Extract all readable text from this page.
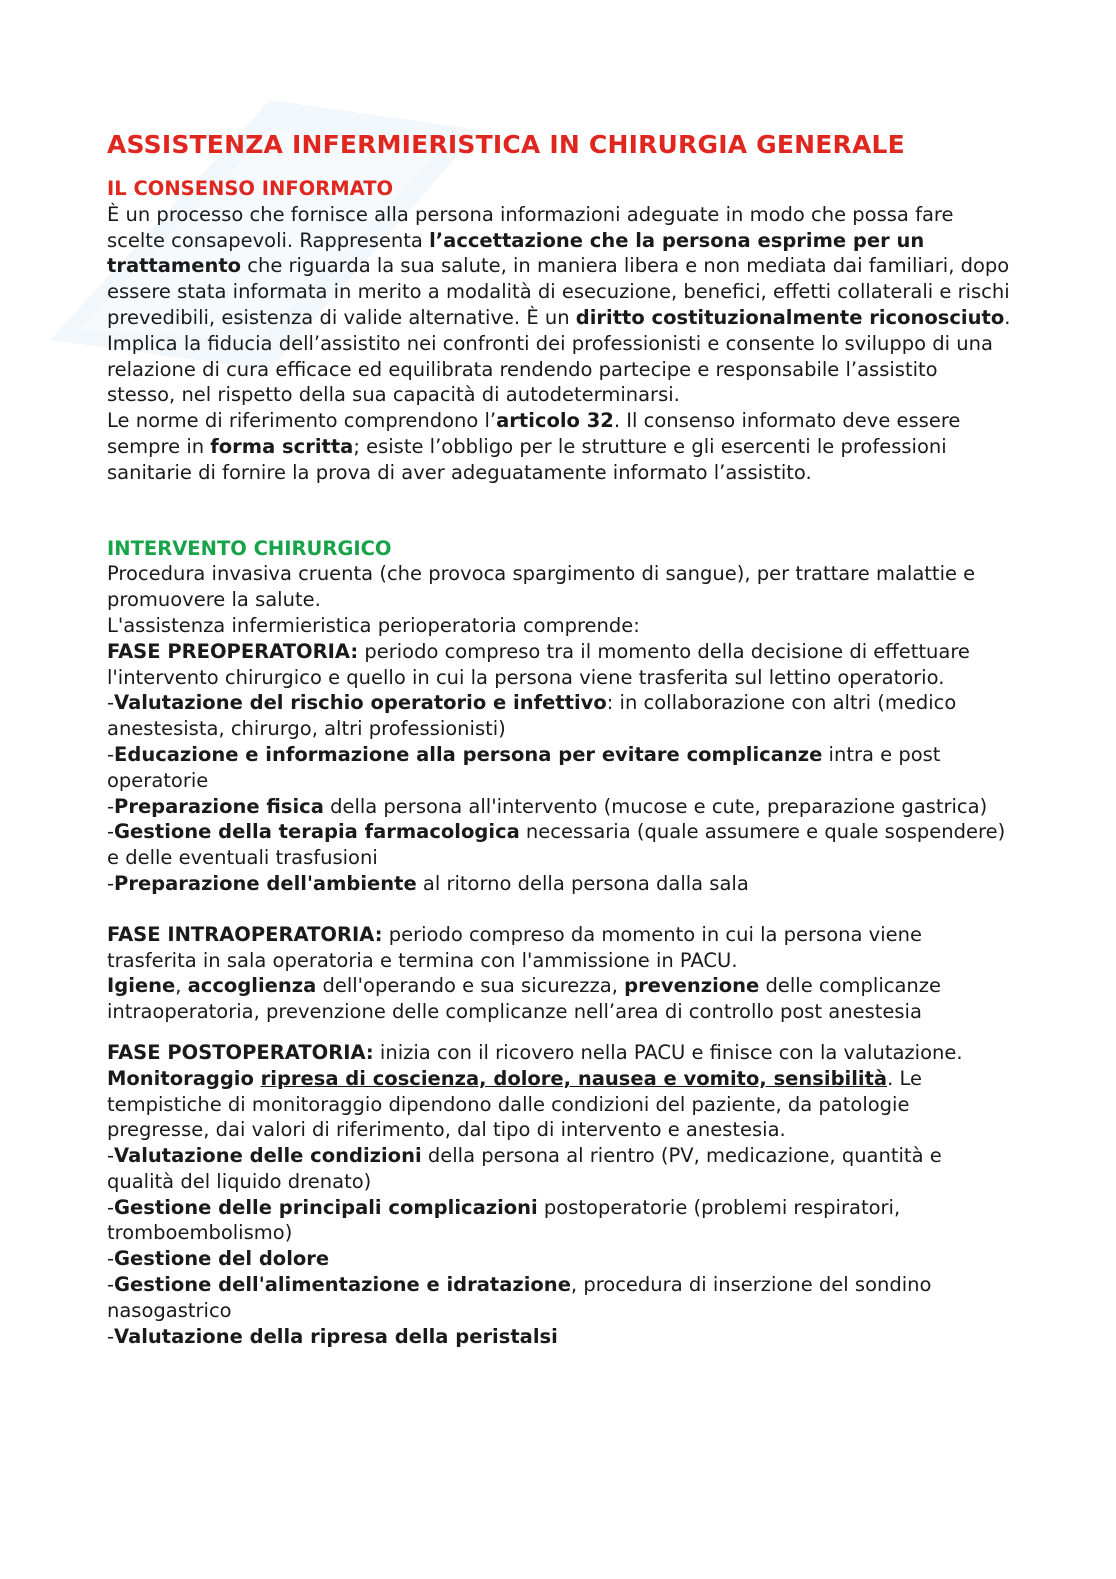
ASSISTENZA INFERMIERISTICA IN CHIRURGIA GENERALE
IL CONSENSO INFORMATO

È un processo che fornisce alla persona informazioni adeguate in modo che possa fare scelte consapevoli. Rappresenta l’accettazione che la persona esprime per un trattamento che riguarda la sua salute, in maniera libera e non mediata dai familiari, dopo essere stata informata in merito a modalità di esecuzione, benefici, effetti collaterali e rischi prevedibili, esistenza di valide alternative. È un diritto costituzionalmente riconosciuto. Implica la fiducia dell’assistito nei confronti dei professionisti e consente lo sviluppo di una relazione di cura efficace ed equilibrata rendendo partecipe e responsabile l’assistito stesso, nel rispetto della sua capacità di autodeterminarsi.

Le norme di riferimento comprendono l’articolo 32. Il consenso informato deve essere sempre in forma scritta; esiste l’obbligo per le strutture e gli esercenti le professioni sanitarie di fornire la prova di aver adeguatamente informato l’assistito.

INTERVENTO CHIRURGICO

Procedura invasiva cruenta (che provoca spargimento di sangue), per trattare malattie e promuovere la salute.

L'assistenza infermieristica perioperatoria comprende:

FASE PREOPERATORIA: periodo compreso tra il momento della decisione di effettuare l'intervento chirurgico e quello in cui la persona viene trasferita sul lettino operatorio.

-Valutazione del rischio operatorio e infettivo: in collaborazione con altri (medico anestesista, chirurgo, altri professionisti)

-Educazione e informazione alla persona per evitare complicanze intra e post operatorie

-Preparazione fisica della persona all'intervento (mucose e cute, preparazione gastrica)

-Gestione della terapia farmacologica necessaria (quale assumere e quale sospendere) e delle eventuali trasfusioni

-Preparazione dell'ambiente al ritorno della persona dalla sala

FASE INTRAOPERATORIA: periodo compreso da momento in cui la persona viene trasferita in sala operatoria e termina con l'ammissione in PACU.

Igiene, accoglienza dell'operando e sua sicurezza, prevenzione delle complicanze intraoperatoria, prevenzione delle complicanze nell’area di controllo post anestesia

FASE POSTOPERATORIA: inizia con il ricovero nella PACU e finisce con la valutazione.

Monitoraggio ripresa di coscienza, dolore, nausea e vomito, sensibilità. Le tempistiche di monitoraggio dipendono dalle condizioni del paziente, da patologie pregresse, dai valori di riferimento, dal tipo di intervento e anestesia.

-Valutazione delle condizioni della persona al rientro (PV, medicazione, quantità e qualità del liquido drenato)

-Gestione delle principali complicazioni postoperatorie (problemi respiratori, tromboembolismo)

-Gestione del dolore

-Gestione dell'alimentazione e idratazione, procedura di inserzione del sondino nasogastrico

-Valutazione della ripresa della peristalsi
